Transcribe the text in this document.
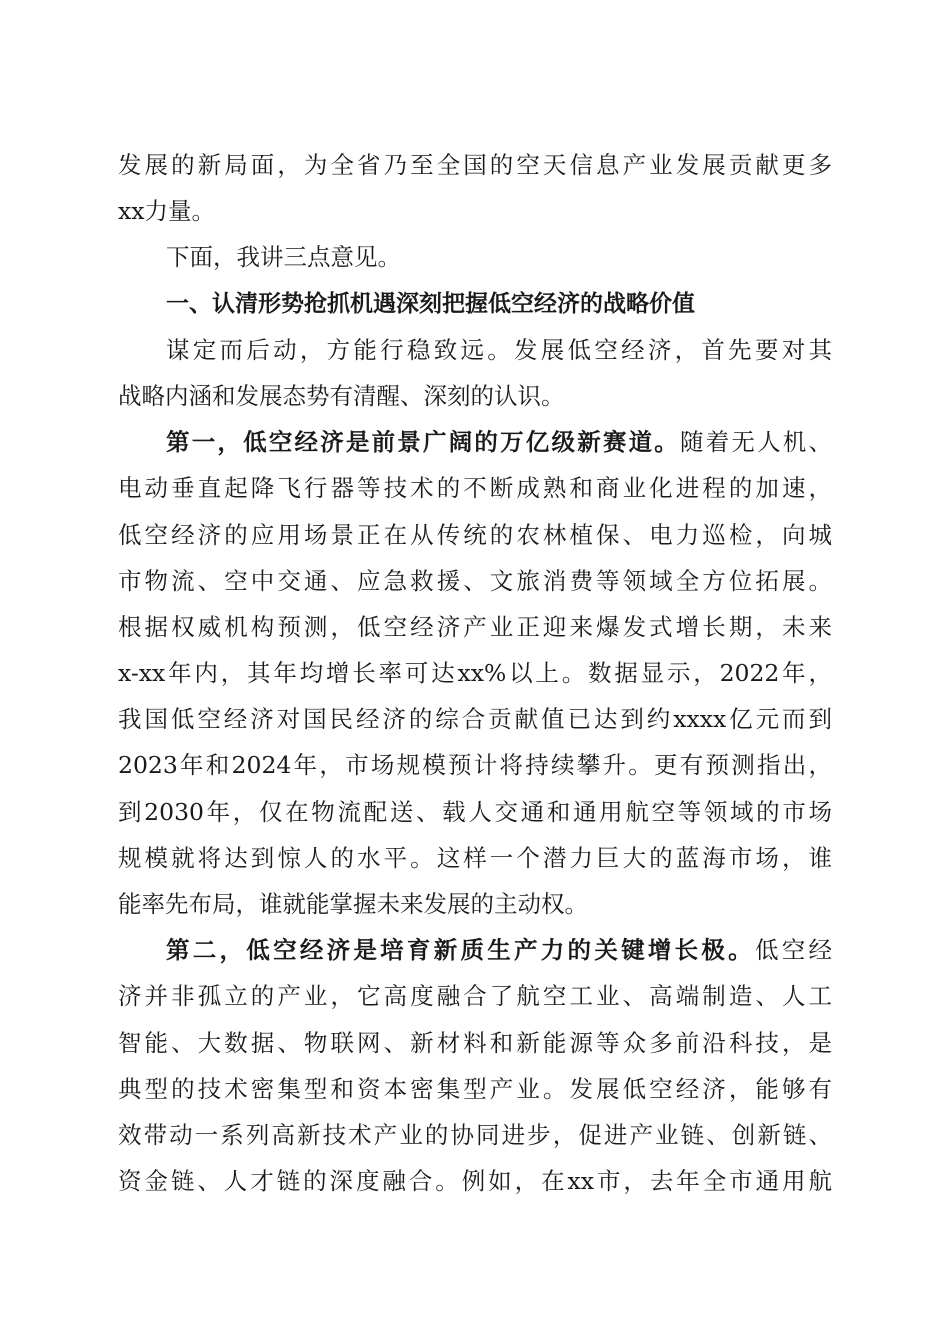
发展的新局面，为全省乃至全国的空天信息产业发展贡献更多
xx力量。
下面，我讲三点意见。
一、认清形势抢抓机遇深刻把握低空经济的战略价值
谋定而后动，方能行稳致远。发展低空经济，首先要对其
战略内涵和发展态势有清醒、深刻的认识。
第一，低空经济是前景广阔的万亿级新赛道。随着无人机、
电动垂直起降飞行器等技术的不断成熟和商业化进程的加速，
低空经济的应用场景正在从传统的农林植保、电力巡检，向城
市物流、空中交通、应急救援、文旅消费等领域全方位拓展。
根据权威机构预测，低空经济产业正迎来爆发式增长期，未来
x-xx年内，其年均增长率可达xx%以上。数据显示，2022年，
我国低空经济对国民经济的综合贡献值已达到约xxxx亿元而到
2023年和2024年，市场规模预计将持续攀升。更有预测指出，
到2030年，仅在物流配送、载人交通和通用航空等领域的市场
规模就将达到惊人的水平。这样一个潜力巨大的蓝海市场，谁
能率先布局，谁就能掌握未来发展的主动权。
第二，低空经济是培育新质生产力的关键增长极。低空经
济并非孤立的产业，它高度融合了航空工业、高端制造、人工
智能、大数据、物联网、新材料和新能源等众多前沿科技，是
典型的技术密集型和资本密集型产业。发展低空经济，能够有
效带动一系列高新技术产业的协同进步，促进产业链、创新链、
资金链、人才链的深度融合。例如，在xx市，去年全市通用航
